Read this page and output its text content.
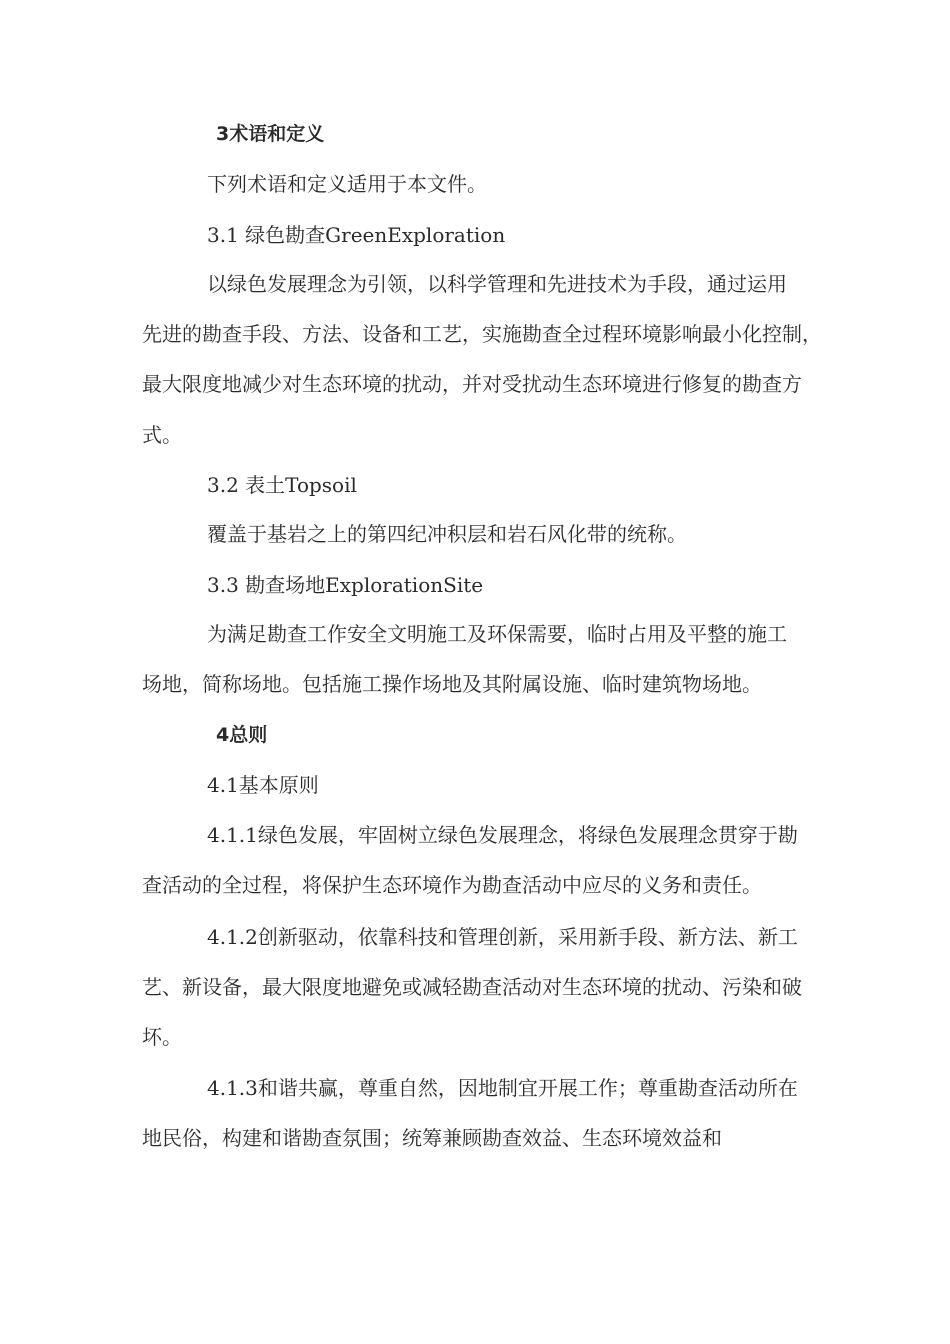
3术语和定义
下列术语和定义适用于本文件。
3.1 绿色勘查GreenExploration
以绿色发展理念为引领，以科学管理和先进技术为手段，通过运用
先进的勘查手段、方法、设备和工艺，实施勘查全过程环境影响最小化控制，
最大限度地减少对生态环境的扰动，并对受扰动生态环境进行修复的勘查方
式。
3.2 表土Topsoil
覆盖于基岩之上的第四纪冲积层和岩石风化带的统称。
3.3 勘查场地ExplorationSite
为满足勘查工作安全文明施工及环保需要，临时占用及平整的施工
场地，简称场地。包括施工操作场地及其附属设施、临时建筑物场地。
4总则
4.1基本原则
4.1.1绿色发展，牢固树立绿色发展理念，将绿色发展理念贯穿于勘
查活动的全过程，将保护生态环境作为勘查活动中应尽的义务和责任。
4.1.2创新驱动，依靠科技和管理创新，采用新手段、新方法、新工
艺、新设备，最大限度地避免或减轻勘查活动对生态环境的扰动、污染和破
坏。
4.1.3和谐共赢，尊重自然，因地制宜开展工作；尊重勘查活动所在
地民俗，构建和谐勘查氛围；统筹兼顾勘查效益、生态环境效益和
